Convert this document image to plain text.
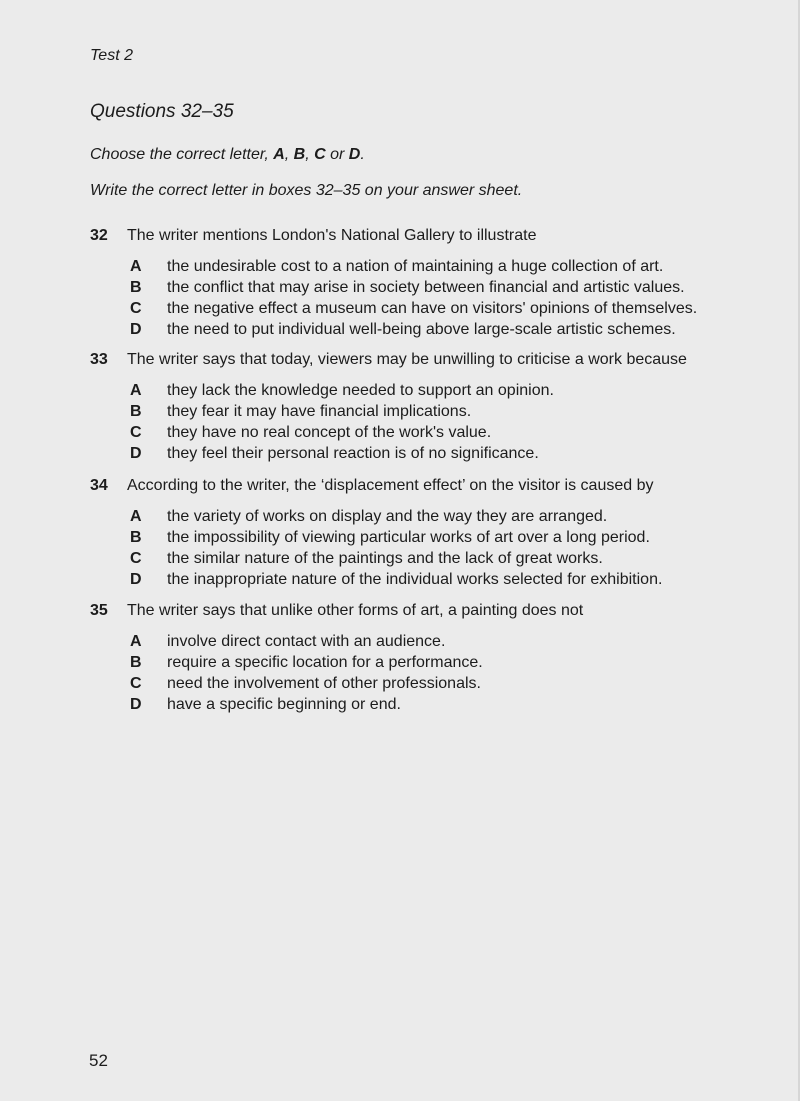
Test 2
Questions 32–35
Choose the correct letter, A, B, C or D.
Write the correct letter in boxes 32–35 on your answer sheet.
32	The writer mentions London's National Gallery to illustrate
A	the undesirable cost to a nation of maintaining a huge collection of art.
B	the conflict that may arise in society between financial and artistic values.
C	the negative effect a museum can have on visitors' opinions of themselves.
D	the need to put individual well-being above large-scale artistic schemes.
33	The writer says that today, viewers may be unwilling to criticise a work because
A	they lack the knowledge needed to support an opinion.
B	they fear it may have financial implications.
C	they have no real concept of the work's value.
D	they feel their personal reaction is of no significance.
34	According to the writer, the ‘displacement effect’ on the visitor is caused by
A	the variety of works on display and the way they are arranged.
B	the impossibility of viewing particular works of art over a long period.
C	the similar nature of the paintings and the lack of great works.
D	the inappropriate nature of the individual works selected for exhibition.
35	The writer says that unlike other forms of art, a painting does not
A	involve direct contact with an audience.
B	require a specific location for a performance.
C	need the involvement of other professionals.
D	have a specific beginning or end.
52
